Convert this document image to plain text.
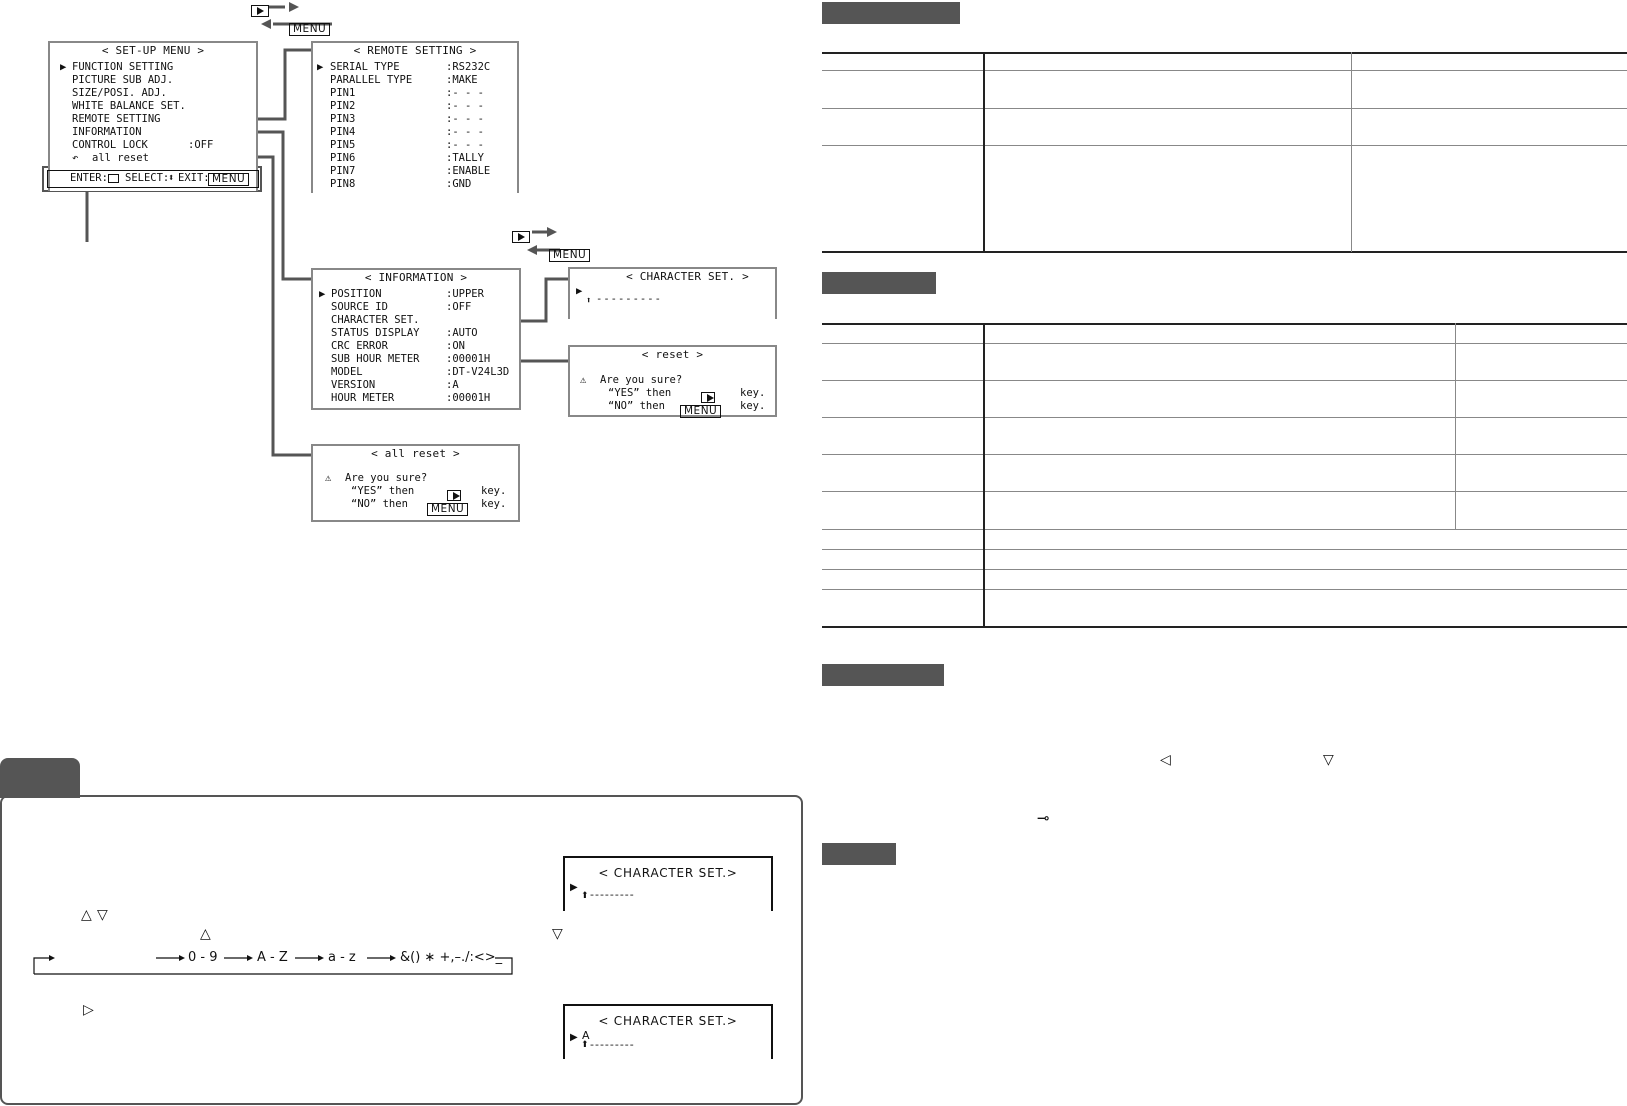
MENU
< SET-UP MENU >
▶ FUNCTION SETTING
PICTURE SUB ADJ.
SIZE/POSI. ADJ.
WHITE BALANCE SET.
REMOTE SETTING
INFORMATION
CONTROL LOCK	:OFF
↶ all reset
ENTER: SELECT:
⬍ EXIT: MENU
< REMOTE SETTING >
▶ SERIAL TYPE	:RS232C
PARALLEL TYPE	:MAKE
PIN1	:- - -
PIN2	:- - -
PIN3	:- - -
PIN4	:- - -
PIN5	:- - -
PIN6	:TALLY
PIN7	:ENABLE
PIN8	:GND
MENU
< INFORMATION >
▶ POSITION	:UPPER
SOURCE ID	:OFF
CHARACTER SET.
STATUS DISPLAY	:AUTO
CRC ERROR	:ON
SUB HOUR METER	:00001H
MODEL	:DT-V24L3D
VERSION	:A
HOUR METER	:00001H
< CHARACTER SET. >
▶
⬆ ---------
< reset >
⚠ Are you sure?
“YES” then	key.
“NO” then	MENU	key.
< all reset >
⚠ Are you sure?
“YES” then	key.
“NO” then	MENU	key.
< CHARACTER SET.>
▶
⬆ ---------
< CHARACTER SET.>
▶ A
⬆ ---------
△ ▽
△	▽
▷
0 - 9	A - Z	a - z	&() ∗ +,–./:<>_
◁	▽
⊸
